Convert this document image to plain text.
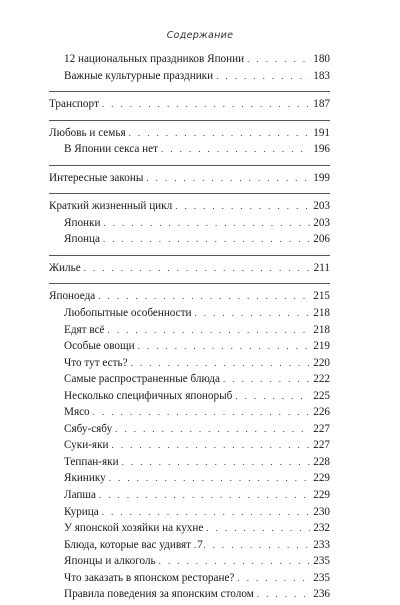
Содержание
12 национальных праздников Японии . . .	180
Важные культурные праздники . . .	183
Транспорт . . .	187
Любовь и семья . . .	191
В Японии секса нет . . .	196
Интересные законы . . .	199
Краткий жизненный цикл . . .	203
Японки . . .	203
Японца . . .	206
Жилье . . .	211
Японоеда . . .	215
Любопытные особенности . . .	218
Едят всё . . .	218
Особые овощи . . .	219
Что тут есть? . . .	220
Самые распространенные блюда . . .	222
Несколько специфичных японорыб . . .	225
Мясо . . .	226
Сябу-сябу . . .	227
Суки-яки . . .	227
Теппан-яки . . .	228
Якинику . . .	229
Лапша . . .	229
Курица . . .	230
У японской хозяйки на кухне . . .	232
Блюда, которые вас удивят . . .	233
Японцы и алкоголь . . .	235
Что заказать в японском ресторане? . . .	235
Правила поведения за японским столом . . .	236
7
